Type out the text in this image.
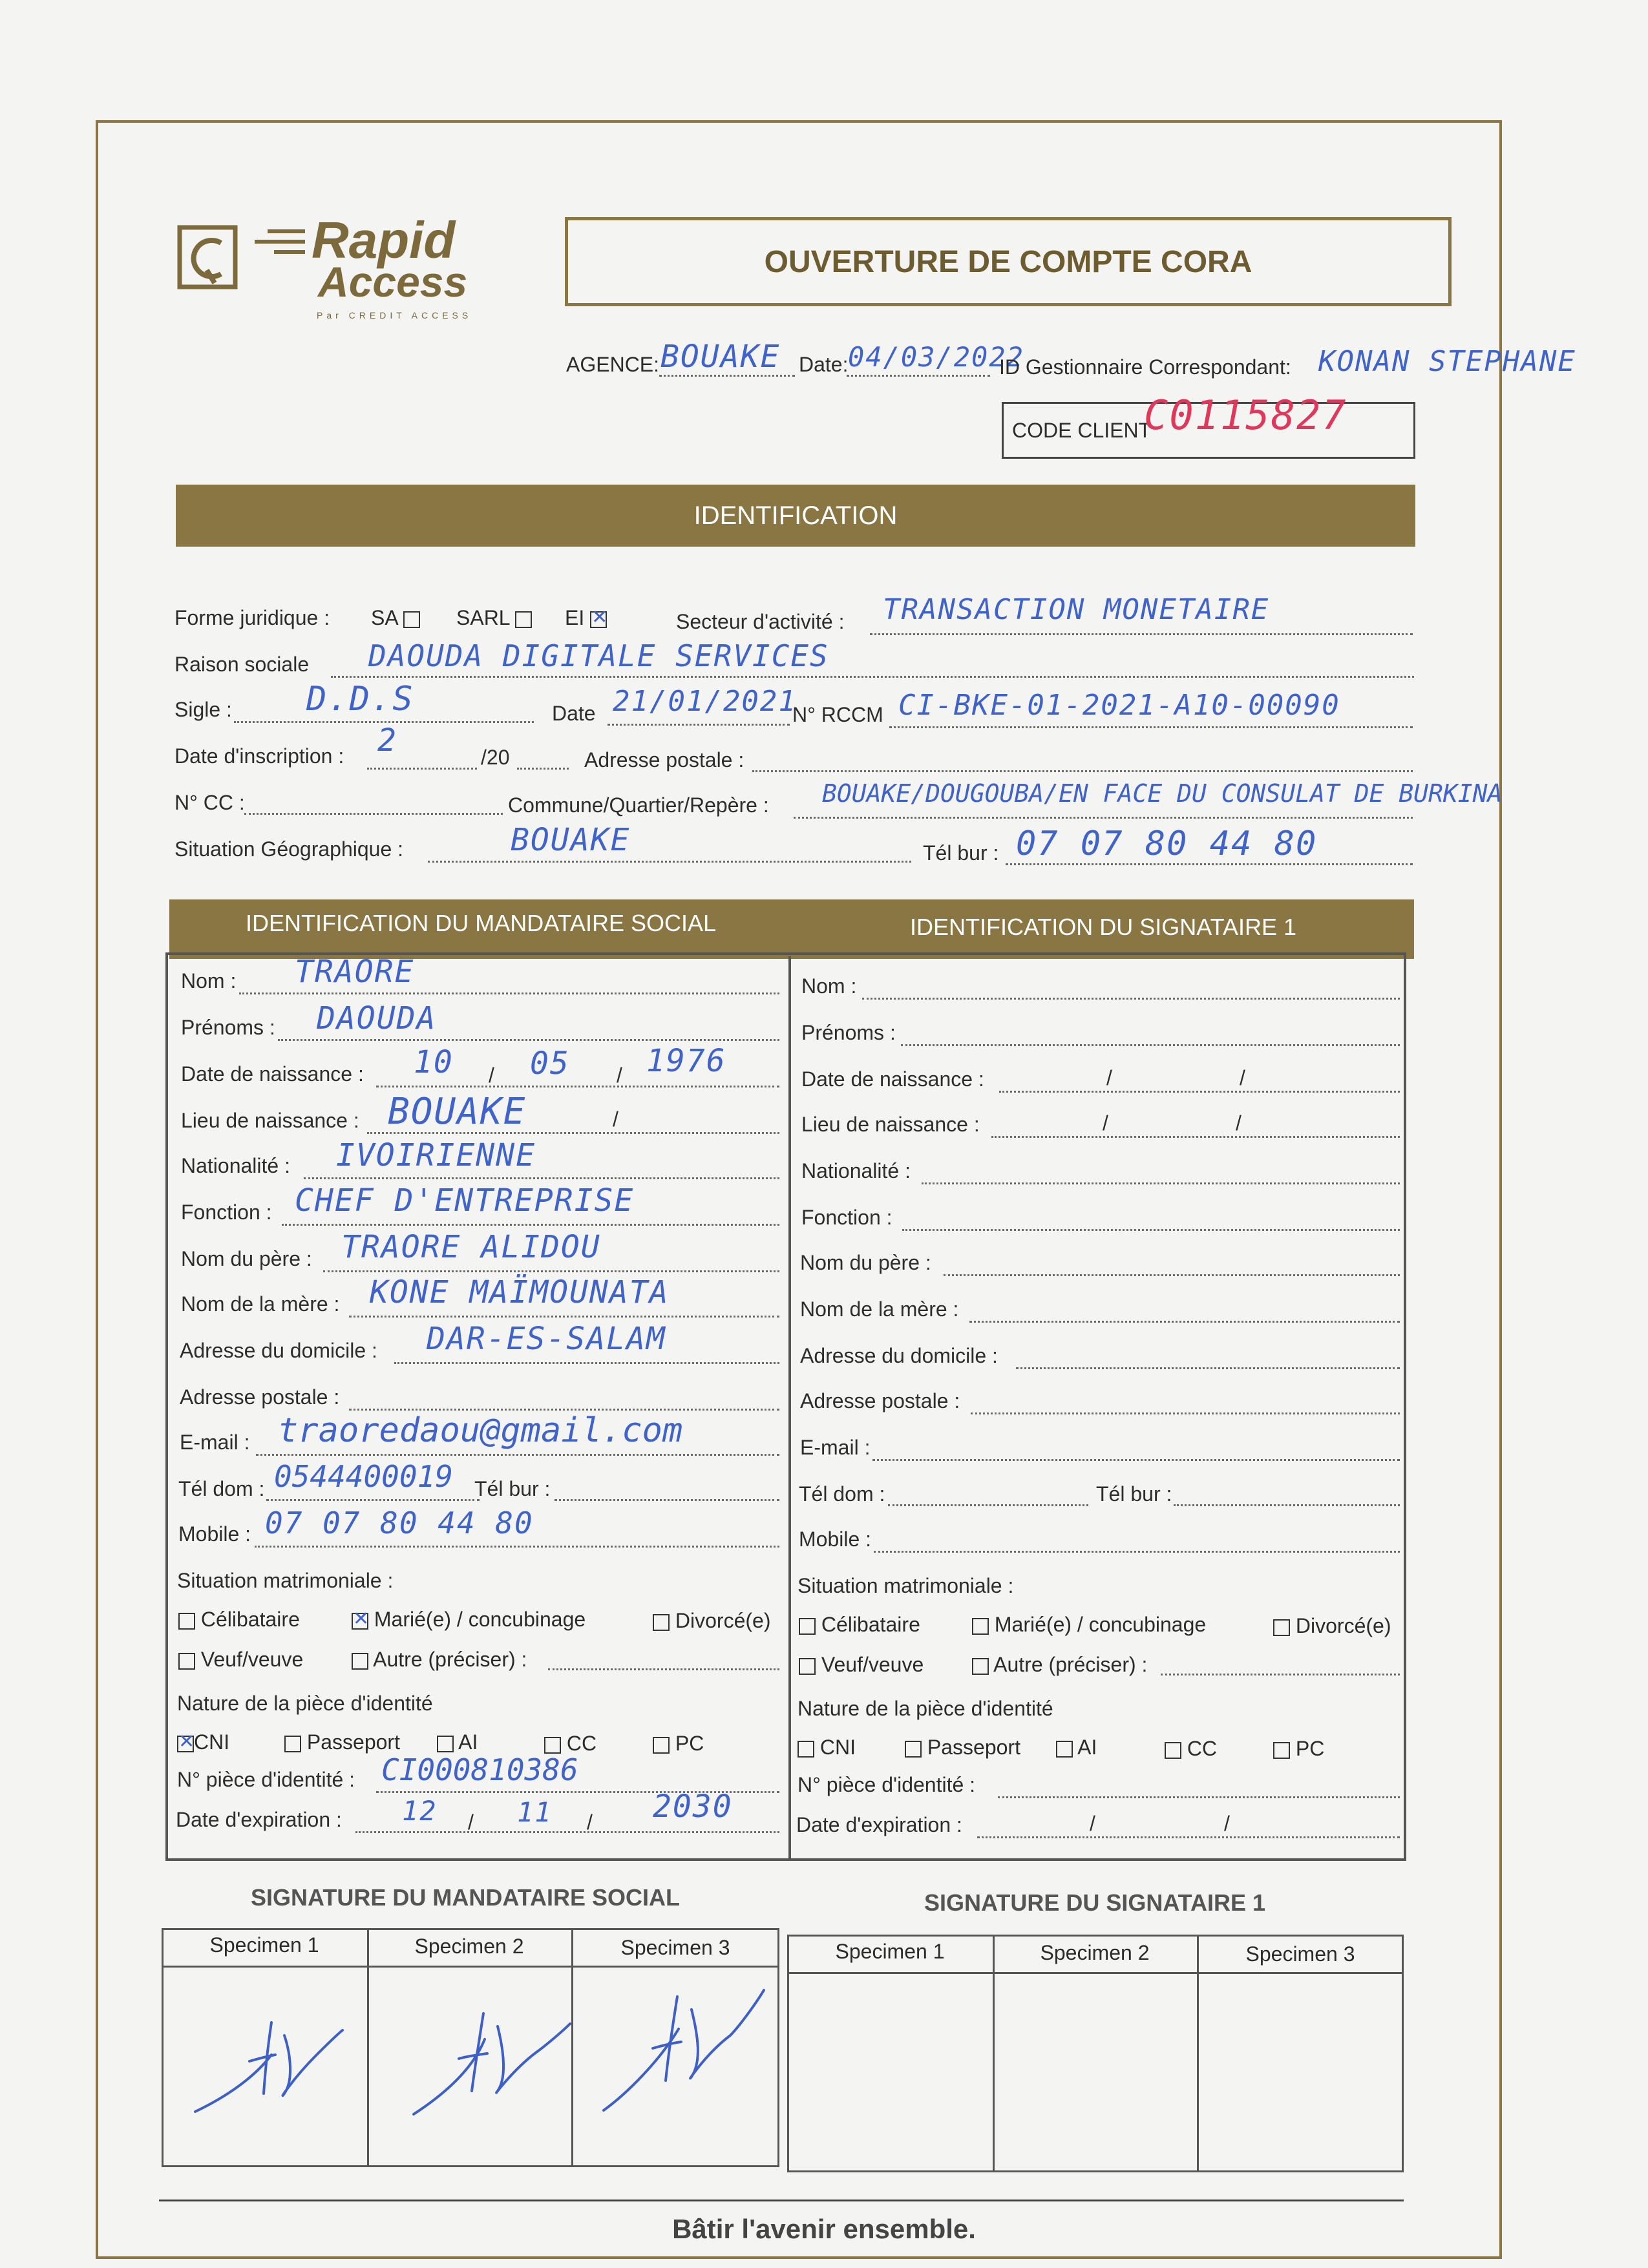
Rapid
Access
Par CREDIT ACCESS
OUVERTURE DE COMPTE CORA
AGENCE: BOUAKE Date: 04/03/2022
ID Gestionnaire Correspondant: KONAN STEPHANE
CODE CLIENT
C0115827
IDENTIFICATION
Forme juridique : SA	SARL	EI ✕	Secteur d'activité : TRANSACTION MONETAIRE
Raison sociale DAOUDA DIGITALE SERVICES
Sigle : D.D.S	Date 21/01/2021
N° RCCM CI-BKE-01-2021-A10-00090
Date d'inscription : 2	/20	Adresse postale :
N° CC :	Commune/Quartier/Repère : BOUAKE/DOUGOUBA/EN FACE DU CONSULAT DE BURKINA
Situation Géographique :	BOUAKE	Tél bur : 07 07 80 44 80
IDENTIFICATION DU MANDATAIRE SOCIAL	IDENTIFICATION DU SIGNATAIRE 1
Nom : TRAORE
Prénoms : DAOUDA
Date de naissance : 10 / 05 / 1976
Lieu de naissance : BOUAKE	/
Nationalité : IVOIRIENNE
Fonction : CHEF D'ENTREPRISE
Nom du père : TRAORE ALIDOU
Nom de la mère : KONE MAÏMOUNATA
Adresse du domicile : DAR-ES-SALAM
Adresse postale :
E-mail : traoredaou@gmail.com
Tél dom : 0544400019 Tél bur :
Mobile : 07 07 80 44 80
Situation matrimoniale :
Célibataire ✕	Marié(e) / concubinage	Divorcé(e)
Veuf/veuve	Autre (préciser) :
Nature de la pièce d'identité
✕CNI	Passeport	AI	CC	PC
N° pièce d'identité : CI000810386
Date d'expiration : 12 / 11 / 2030
Nom :
Prénoms :
Date de naissance :	/	/
Lieu de naissance :	/	/
Nationalité :
Fonction :
Nom du père :
Nom de la mère :
Adresse du domicile :
Adresse postale :
E-mail :
Tél dom :	Tél bur :
Mobile :
Situation matrimoniale :
Célibataire	Marié(e) / concubinage	Divorcé(e)
Veuf/veuve	Autre (préciser) :
Nature de la pièce d'identité
CNI	Passeport	AI	CC	PC
N° pièce d'identité :
Date d'expiration :	/	/
SIGNATURE DU MANDATAIRE SOCIAL	SIGNATURE DU SIGNATAIRE 1
Specimen 1	Specimen 2	Specimen 3	Specimen 1	Specimen 2	Specimen 3
Bâtir l'avenir ensemble.
